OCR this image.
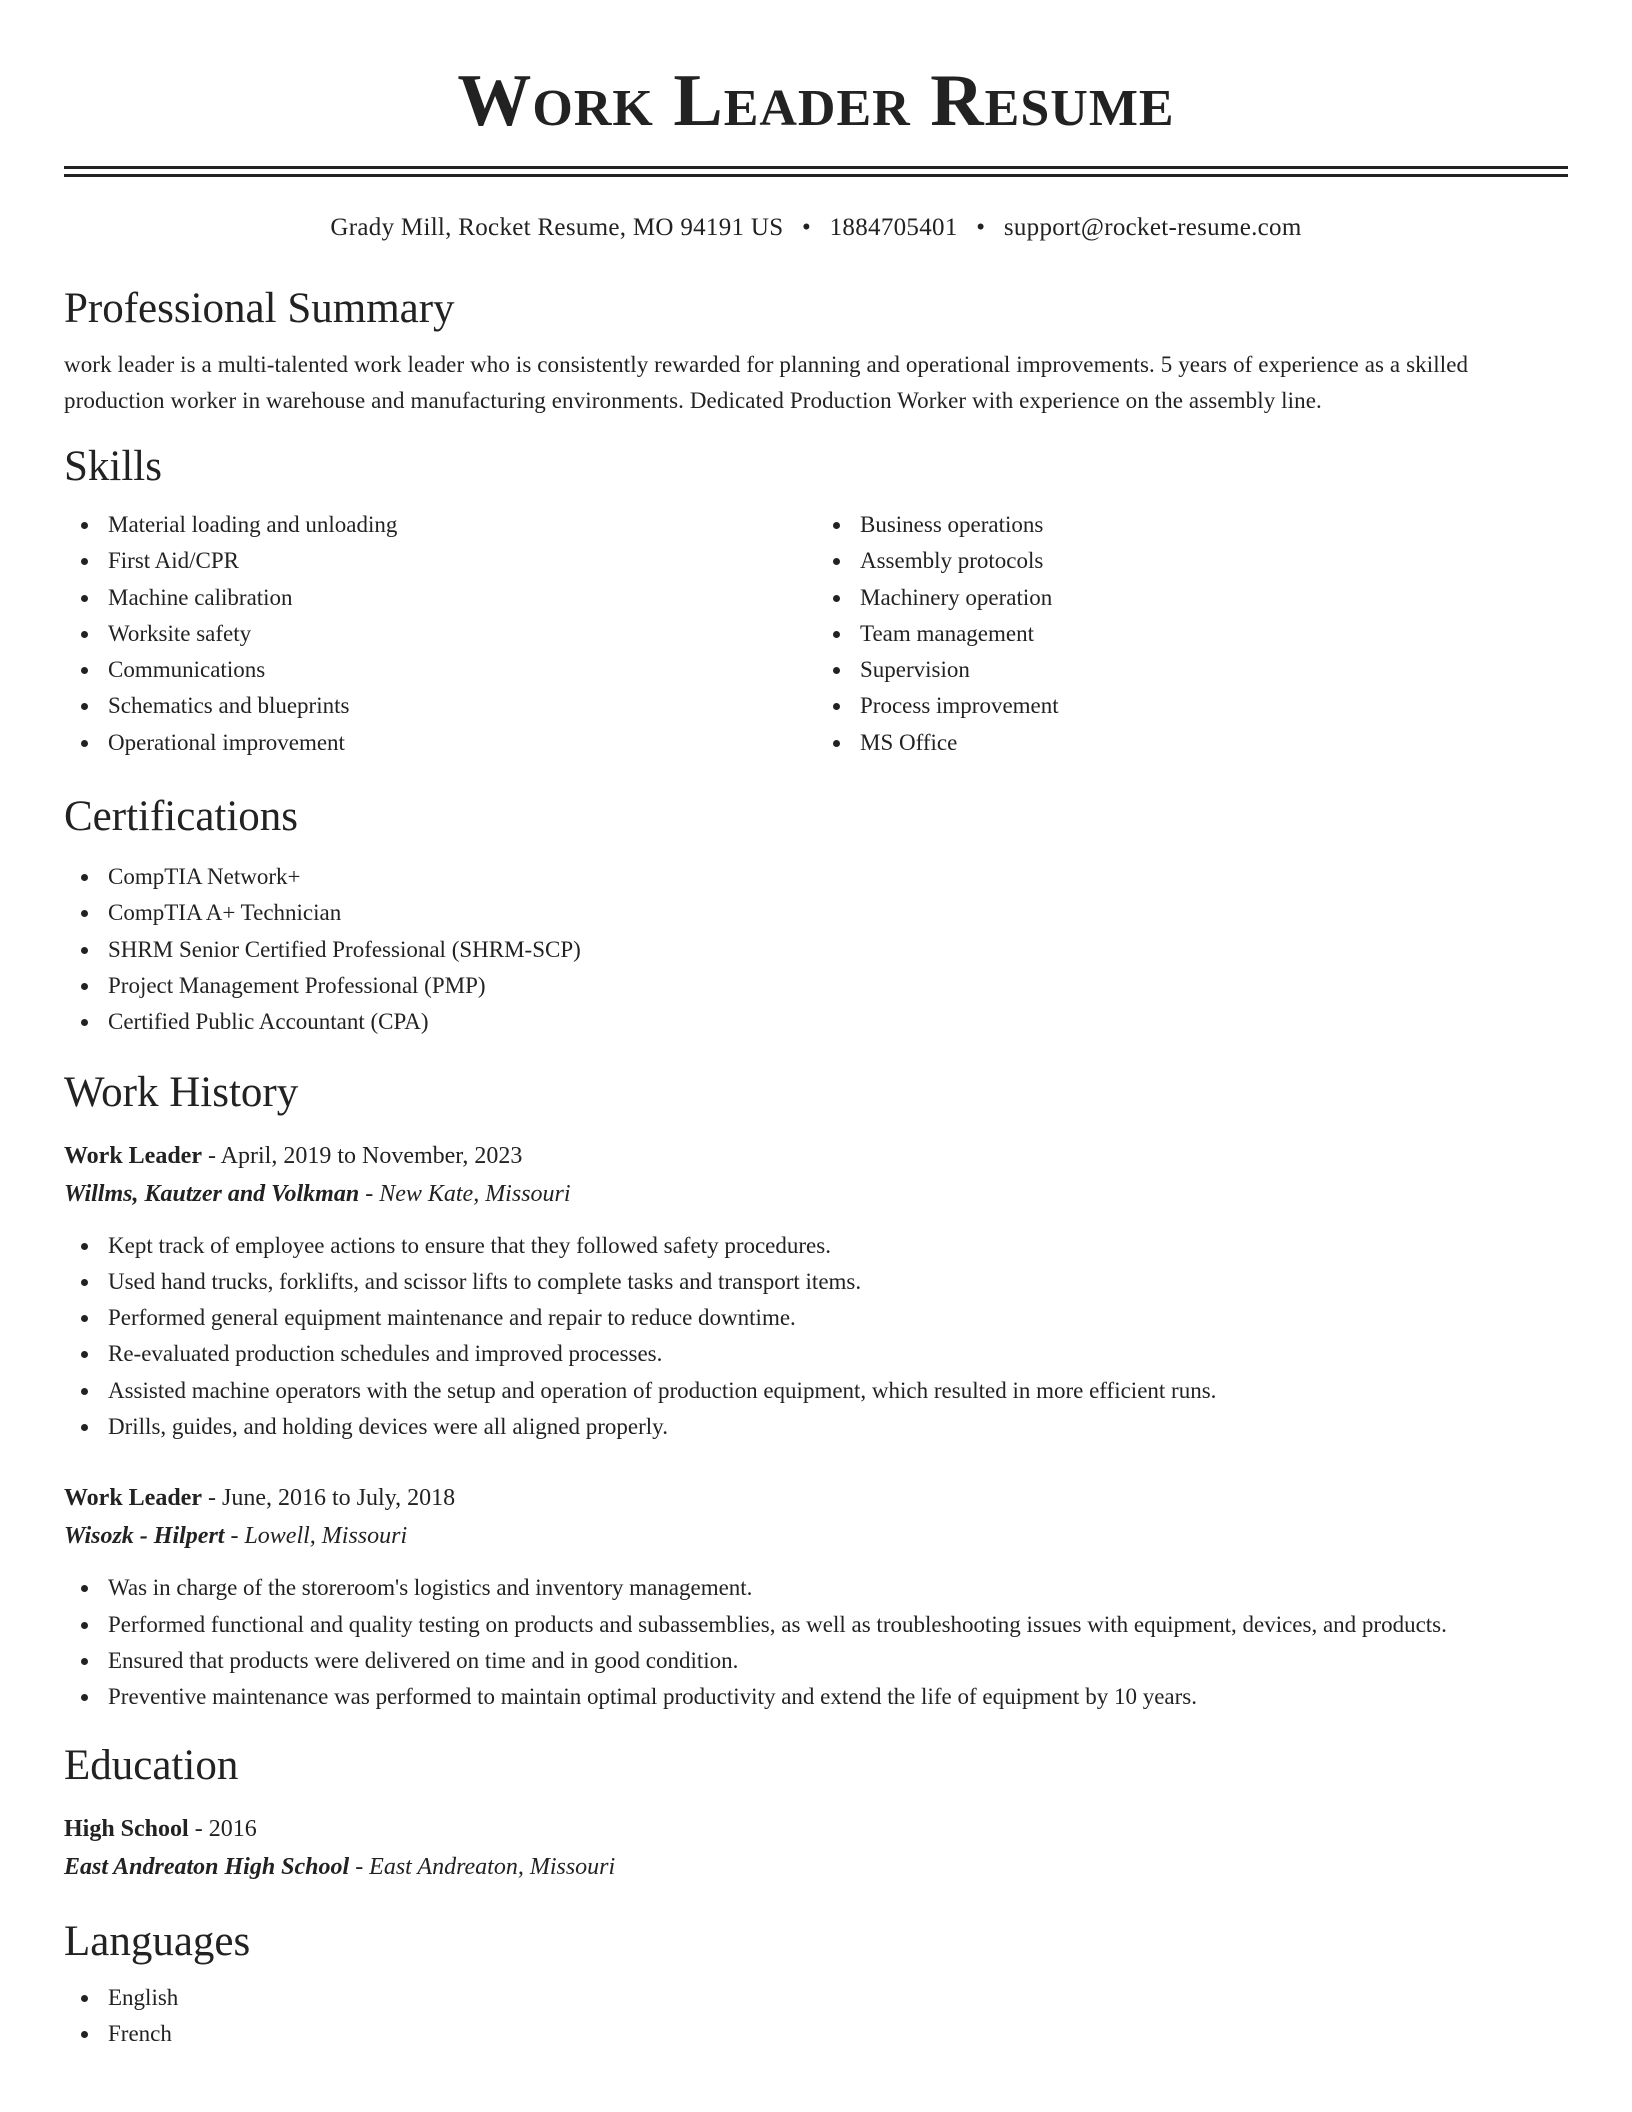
Work Leader Resume
Grady Mill, Rocket Resume, MO 94191 US • 1884705401 • support@rocket-resume.com
Professional Summary

work leader is a multi-talented work leader who is consistently rewarded for planning and operational improvements. 5 years of experience as a skilled production worker in warehouse and manufacturing environments. Dedicated Production Worker with experience on the assembly line.

Skills
Material loading and unloading
First Aid/CPR
Machine calibration
Worksite safety
Communications
Schematics and blueprints
Operational improvement
Business operations
Assembly protocols
Machinery operation
Team management
Supervision
Process improvement
MS Office
Certifications
CompTIA Network+
CompTIA A+ Technician
SHRM Senior Certified Professional (SHRM-SCP)
Project Management Professional (PMP)
Certified Public Accountant (CPA)
Work History
Work Leader - April, 2019 to November, 2023
Willms, Kautzer and Volkman - New Kate, Missouri
Kept track of employee actions to ensure that they followed safety procedures.
Used hand trucks, forklifts, and scissor lifts to complete tasks and transport items.
Performed general equipment maintenance and repair to reduce downtime.
Re-evaluated production schedules and improved processes.
Assisted machine operators with the setup and operation of production equipment, which resulted in more efficient runs.
Drills, guides, and holding devices were all aligned properly.
Work Leader - June, 2016 to July, 2018
Wisozk - Hilpert - Lowell, Missouri
Was in charge of the storeroom's logistics and inventory management.
Performed functional and quality testing on products and subassemblies, as well as troubleshooting issues with equipment, devices, and products.
Ensured that products were delivered on time and in good condition.
Preventive maintenance was performed to maintain optimal productivity and extend the life of equipment by 10 years.
Education
High School - 2016
East Andreaton High School - East Andreaton, Missouri
Languages
English
French
